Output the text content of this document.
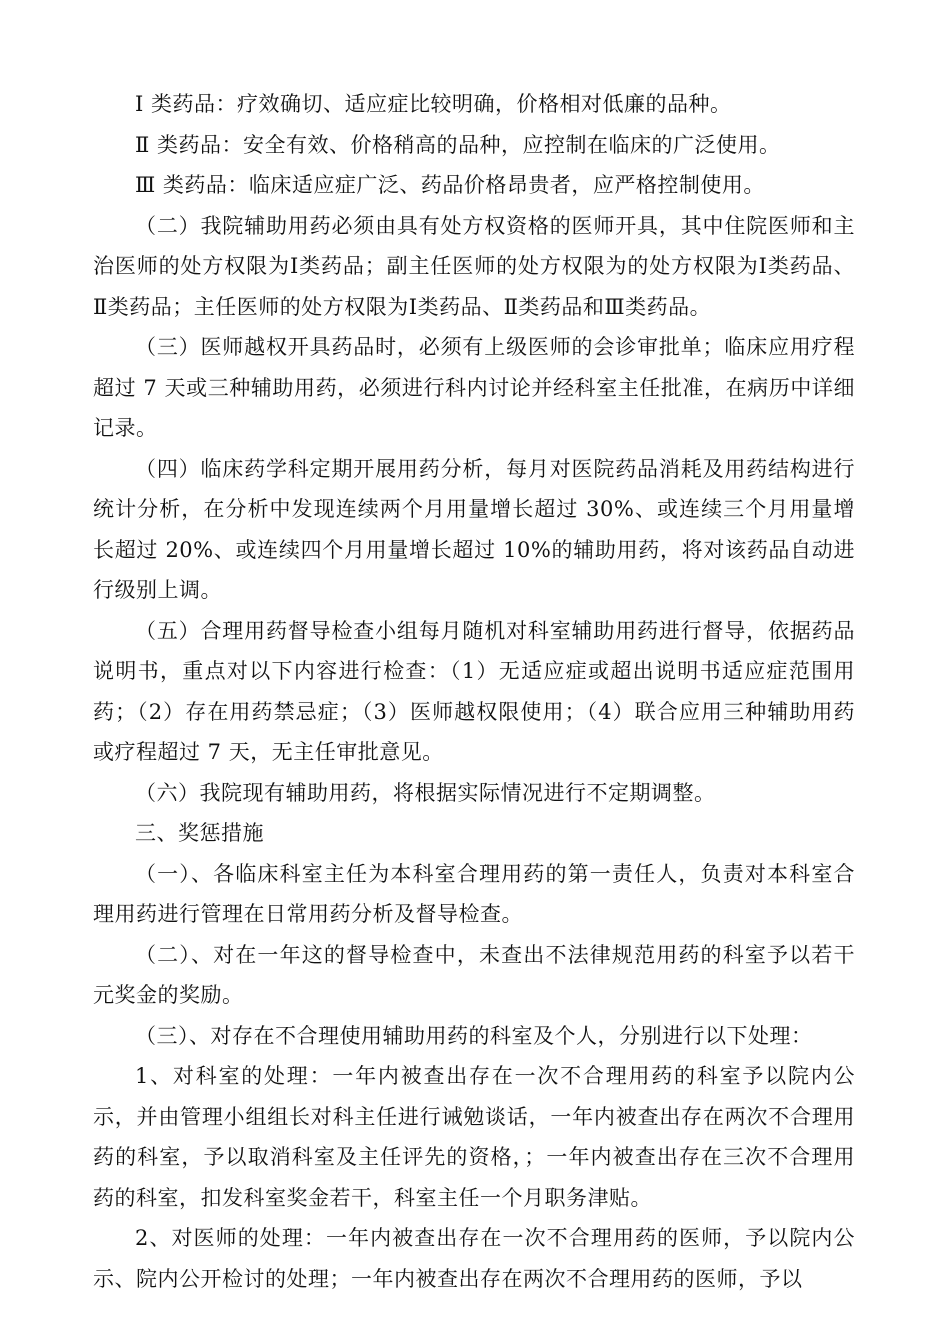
Ⅰ 类药品：疗效确切、适应症比较明确，价格相对低廉的品种。

Ⅱ 类药品：安全有效、价格稍高的品种，应控制在临床的广泛使用。

Ⅲ 类药品：临床适应症广泛、药品价格昂贵者，应严格控制使用。

（二）我院辅助用药必须由具有处方权资格的医师开具，其中住院医师和主治医师的处方权限为Ⅰ类药品；副主任医师的处方权限为的处方权限为Ⅰ类药品、Ⅱ类药品；主任医师的处方权限为Ⅰ类药品、Ⅱ类药品和Ⅲ类药品。

（三）医师越权开具药品时，必须有上级医师的会诊审批单；临床应用疗程超过 7 天或三种辅助用药，必须进行科内讨论并经科室主任批准，在病历中详细记录。

（四）临床药学科定期开展用药分析，每月对医院药品消耗及用药结构进行统计分析，在分析中发现连续两个月用量增长超过 30%、或连续三个月用量增长超过 20%、或连续四个月用量增长超过 10%的辅助用药，将对该药品自动进行级别上调。

（五）合理用药督导检查小组每月随机对科室辅助用药进行督导，依据药品说明书，重点对以下内容进行检查：（1）无适应症或超出说明书适应症范围用药；（2）存在用药禁忌症；（3）医师越权限使用；（4）联合应用三种辅助用药或疗程超过 7 天，无主任审批意见。

（六）我院现有辅助用药，将根据实际情况进行不定期调整。

三、奖惩措施

（一）、各临床科室主任为本科室合理用药的第一责任人，负责对本科室合理用药进行管理在日常用药分析及督导检查。

（二）、对在一年这的督导检查中，未查出不法律规范用药的科室予以若干元奖金的奖励。

（三）、对存在不合理使用辅助用药的科室及个人，分别进行以下处理：

1、对科室的处理：一年内被查出存在一次不合理用药的科室予以院内公示，并由管理小组组长对科主任进行诫勉谈话，一年内被查出存在两次不合理用药的科室，予以取消科室及主任评先的资格，；一年内被查出存在三次不合理用药的科室，扣发科室奖金若干，科室主任一个月职务津贴。

2、对医师的处理：一年内被查出存在一次不合理用药的医师，予以院内公示、院内公开检讨的处理；一年内被查出存在两次不合理用药的医师，予以
